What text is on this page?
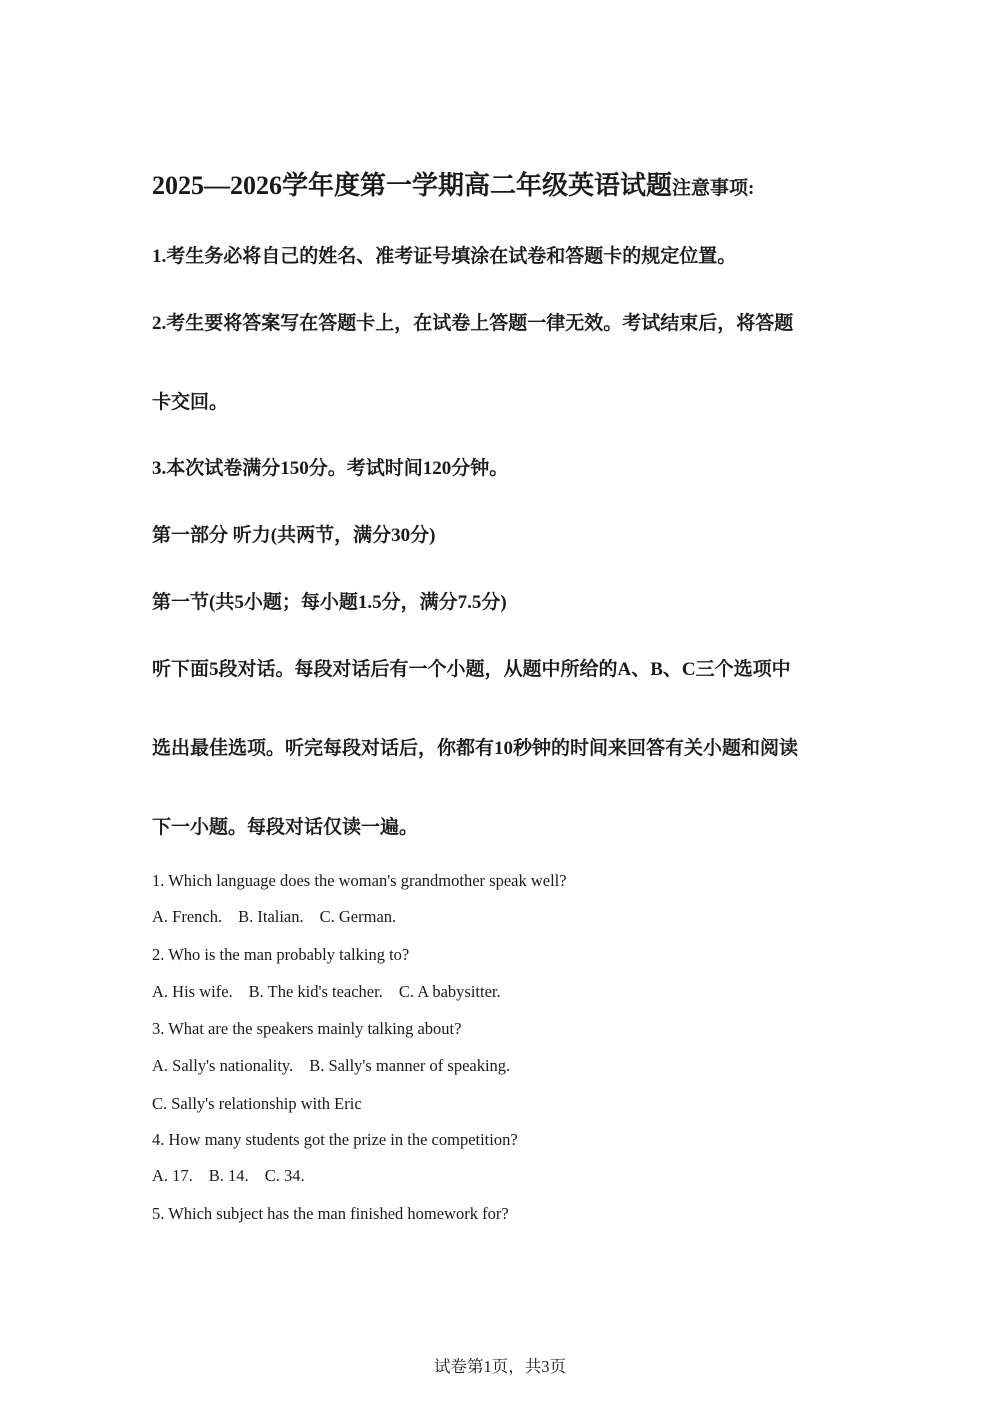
2025—2026学年度第一学期高二年级英语试题注意事项:
1.考生务必将自己的姓名、准考证号填涂在试卷和答题卡的规定位置。
2.考生要将答案写在答题卡上，在试卷上答题一律无效。考试结束后，将答题
卡交回。
3.本次试卷满分150分。考试时间120分钟。
第一部分 听力(共两节，满分30分)
第一节(共5小题；每小题1.5分，满分7.5分)
听下面5段对话。每段对话后有一个小题，从题中所给的A、B、C三个选项中
选出最佳选项。听完每段对话后，你都有10秒钟的时间来回答有关小题和阅读
下一小题。每段对话仅读一遍。
1. Which language does the woman's grandmother speak well?
A. French. B. Italian. C. German.
2. Who is the man probably talking to?
A. His wife. B. The kid's teacher. C. A babysitter.
3. What are the speakers mainly talking about?
A. Sally's nationality. B. Sally's manner of speaking.
C. Sally's relationship with Eric
4. How many students got the prize in the competition?
A. 17. B. 14. C. 34.
5. Which subject has the man finished homework for?
试卷第1页，共3页
